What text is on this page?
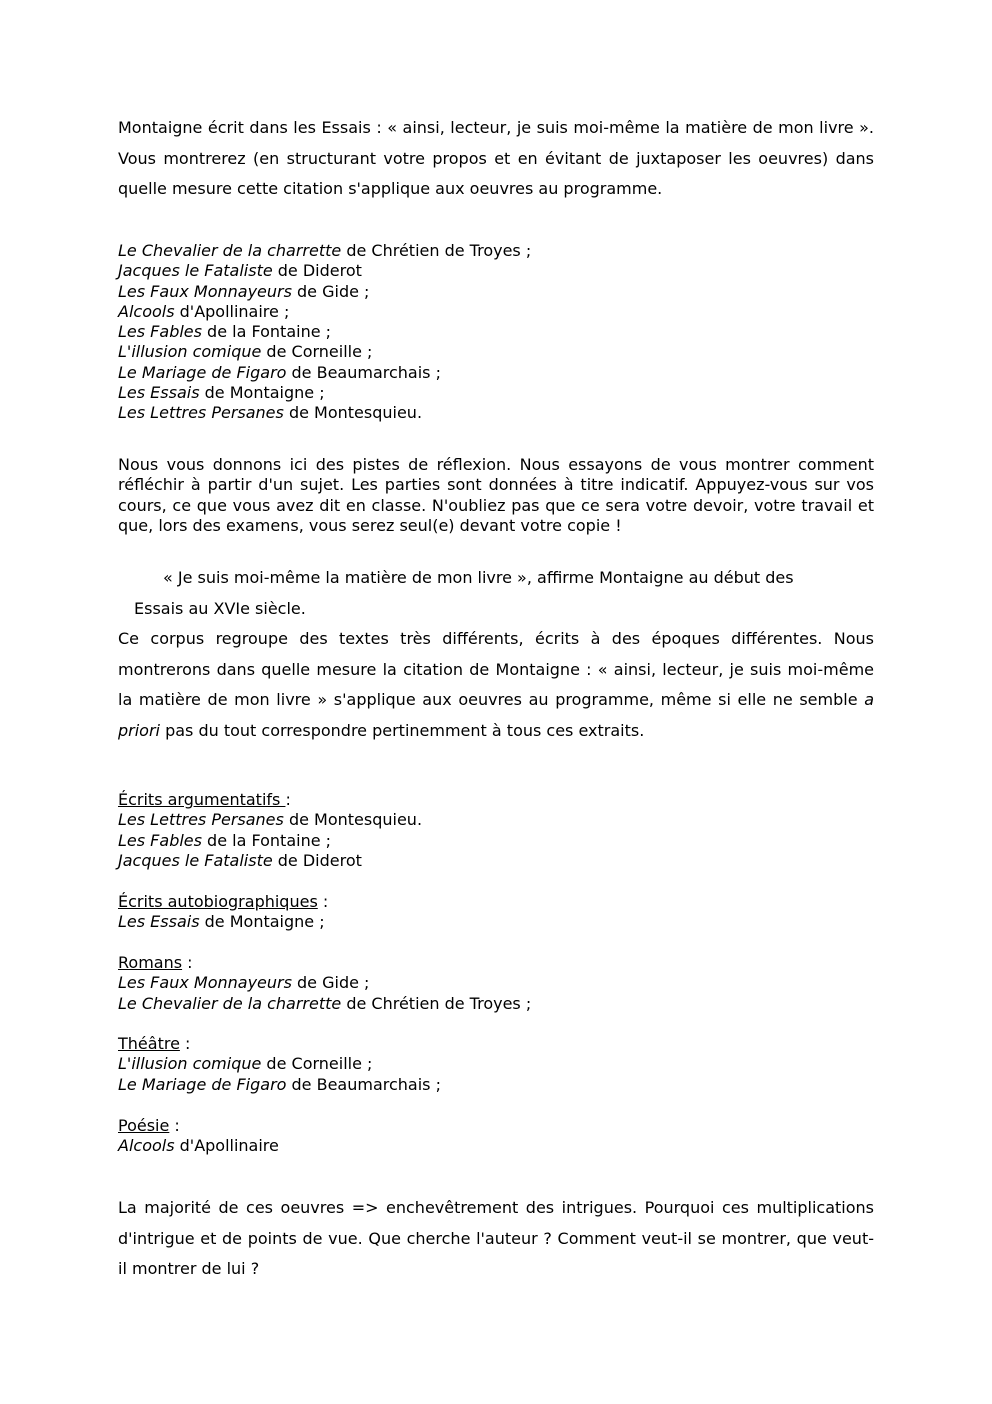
Montaigne écrit dans les Essais : « ainsi, lecteur, je suis moi-même la matière de mon livre ». Vous montrerez (en structurant votre propos et en évitant de juxtaposer les oeuvres) dans quelle mesure cette citation s'applique aux oeuvres au programme.

Le Chevalier de la charrette de Chrétien de Troyes ;
Jacques le Fataliste de Diderot
Les Faux Monnayeurs de Gide ;
Alcools d'Apollinaire ;
Les Fables de la Fontaine ;
L'illusion comique de Corneille ;
Le Mariage de Figaro de Beaumarchais ;
Les Essais de Montaigne ;
Les Lettres Persanes de Montesquieu.

Nous vous donnons ici des pistes de réflexion. Nous essayons de vous montrer comment réfléchir à partir d'un sujet. Les parties sont données à titre indicatif. Appuyez-vous sur vos cours, ce que vous avez dit en classe. N'oubliez pas que ce sera votre devoir, votre travail et que, lors des examens, vous serez seul(e) devant votre copie !

« Je suis moi-même la matière de mon livre », affirme Montaigne au début des
Essais au XVIe siècle.

Ce corpus regroupe des textes très différents, écrits à des époques différentes. Nous montrerons dans quelle mesure la citation de Montaigne : « ainsi, lecteur, je suis moi-même la matière de mon livre » s'applique aux oeuvres au programme, même si elle ne semble a priori pas du tout correspondre pertinemment à tous ces extraits.

Écrits argumentatifs :
Les Lettres Persanes de Montesquieu.
Les Fables de la Fontaine ;
Jacques le Fataliste de Diderot
Écrits autobiographiques :
Les Essais de Montaigne ;
Romans :
Les Faux Monnayeurs de Gide ;
Le Chevalier de la charrette de Chrétien de Troyes ;
Théâtre :
L'illusion comique de Corneille ;
Le Mariage de Figaro de Beaumarchais ;
Poésie :
Alcools d'Apollinaire

La majorité de ces oeuvres => enchevêtrement des intrigues. Pourquoi ces multiplications d'intrigue et de points de vue. Que cherche l'auteur ? Comment veut-il se montrer, que veut-il montrer de lui ?
